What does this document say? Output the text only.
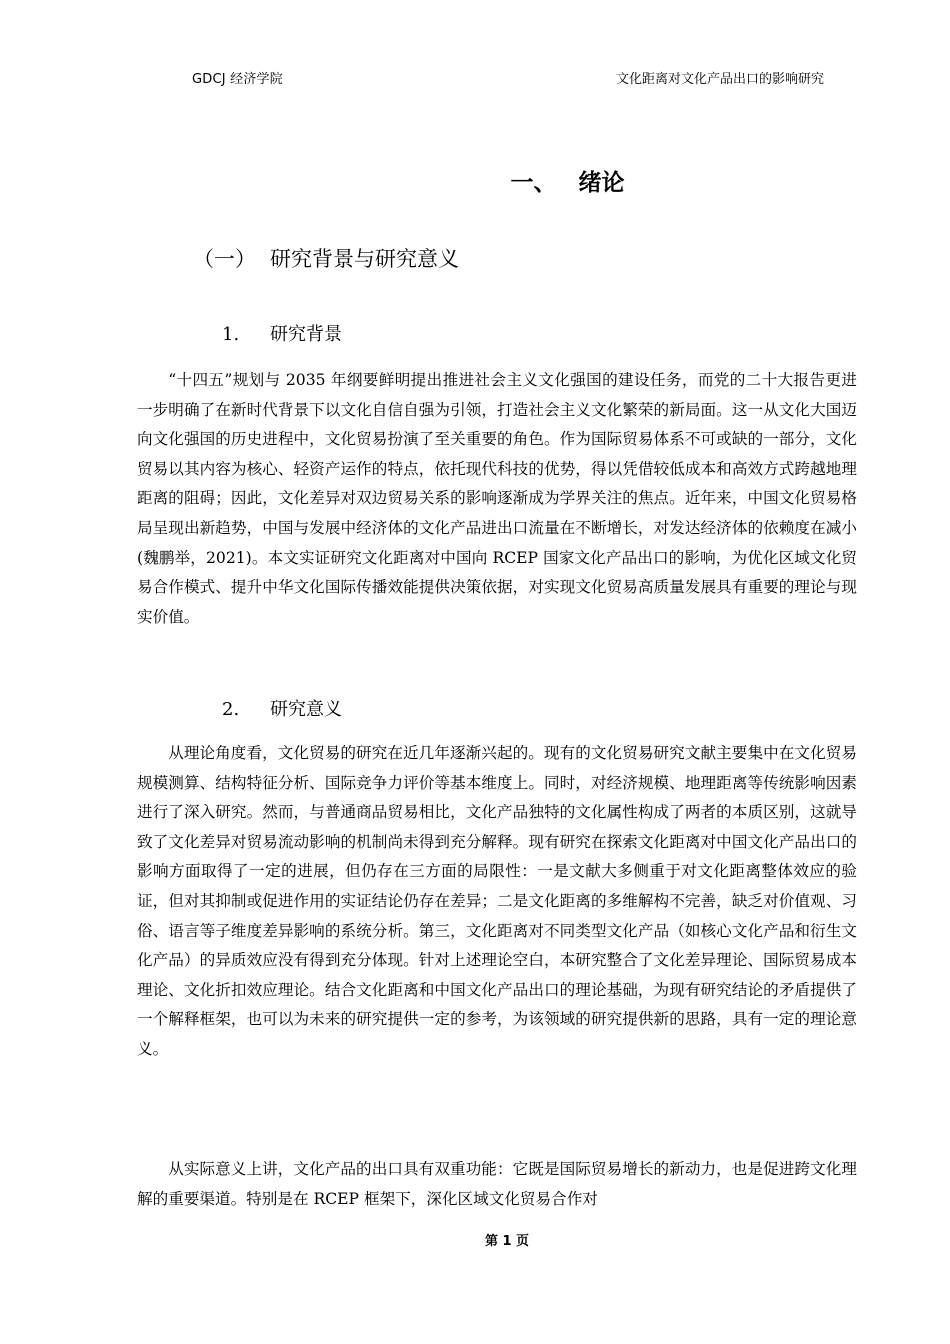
GDCJ 经济学院	文化距离对文化产品出口的影响研究
一、 绪论
（一） 研究背景与研究意义
1. 研究背景

“十四五”规划与 2035 年纲要鲜明提出推进社会主义文化强国的建设任务，而党的二十大报告更进一步明确了在新时代背景下以文化自信自强为引领，打造社会主义文化繁荣的新局面。这一从文化大国迈向文化强国的历史进程中，文化贸易扮演了至关重要的角色。作为国际贸易体系不可或缺的一部分，文化贸易以其内容为核心、轻资产运作的特点，依托现代科技的优势，得以凭借较低成本和高效方式跨越地理距离的阻碍；因此，文化差异对双边贸易关系的影响逐渐成为学界关注的焦点。近年来，中国文化贸易格局呈现出新趋势，中国与发展中经济体的文化产品进出口流量在不断增长，对发达经济体的依赖度在减小 (魏鹏举，2021)。本文实证研究文化距离对中国向 RCEP 国家文化产品出口的影响，为优化区域文化贸易合作模式、提升中华文化国际传播效能提供决策依据，对实现文化贸易高质量发展具有重要的理论与现实价值。

2. 研究意义

从理论角度看，文化贸易的研究在近几年逐渐兴起的。现有的文化贸易研究文献主要集中在文化贸易规模测算、结构特征分析、国际竞争力评价等基本维度上。同时，对经济规模、地理距离等传统影响因素进行了深入研究。然而，与普通商品贸易相比，文化产品独特的文化属性构成了两者的本质区别，这就导致了文化差异对贸易流动影响的机制尚未得到充分解释。现有研究在探索文化距离对中国文化产品出口的影响方面取得了一定的进展，但仍存在三方面的局限性：一是文献大多侧重于对文化距离整体效应的验证，但对其抑制或促进作用的实证结论仍存在差异；二是文化距离的多维解构不完善，缺乏对价值观、习俗、语言等子维度差异影响的系统分析。第三，文化距离对不同类型文化产品（如核心文化产品和衍生文化产品）的异质效应没有得到充分体现。针对上述理论空白，本研究整合了文化差异理论、国际贸易成本理论、文化折扣效应理论。结合文化距离和中国文化产品出口的理论基础，为现有研究结论的矛盾提供了一个解释框架，也可以为未来的研究提供一定的参考，为该领域的研究提供新的思路，具有一定的理论意义。

从实际意义上讲，文化产品的出口具有双重功能：它既是国际贸易增长的新动力，也是促进跨文化理解的重要渠道。特别是在 RCEP 框架下，深化区域文化贸易合作对

第 1 页
